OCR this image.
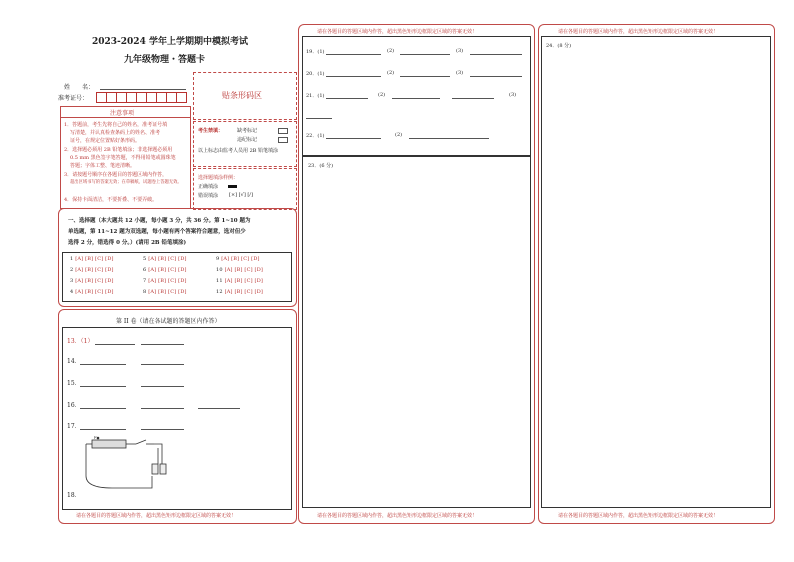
2023-2024 学年上学期期中模拟考试
九年级物理・答题卡
姓　　名：
准考证号：	贴条形码区
注意事项
1．答题前，考生先将自己的姓名，准考证号填
写清楚，并认真检查条码上的姓名、准考
证号，在规定位置贴好条形码。
2．选择题必须用 2B 铅笔填涂；非选择题必须用
0.5 mm 黑色签字笔答题，不得用铅笔或圆珠笔
答题；字体工整、笔迹清晰。
3．请按题号顺序在各题目的答题区域内作答，
超出区域书写的答案无效；在草稿纸、试题卷上答题无效。
4．保持卡面清洁，不要折叠、不要弄破。
考生禁填：	缺考标记
违纪标记
以上标志由监考人员用 2B 铅笔填涂
选择题填涂样例：
正确填涂
错误填涂 [×] [√] [/]
一、选择题（本大题共 12 小题，每小题 3 分，共 36 分。第 1~10 题为
单选题，第 11~12 题为双选题，每小题有两个答案符合题意，选对但少
选得 2 分，错选得 0 分。）(请用 2B 铅笔填涂)
1 [A] [B] [C] [D]
2 [A] [B] [C] [D]
3 [A] [B] [C] [D]
4 [A] [B] [C] [D]
5 [A] [B] [C] [D]
6 [A] [B] [C] [D]
7 [A] [B] [C] [D]
8 [A] [B] [C] [D]
9 [A] [B] [C] [D]
10 [A] [B] [C] [D]
11 [A] [B] [C] [D]
12 [A] [B] [C] [D]
第 II 卷（请在各试题的答题区内作答）
13．（1）
14．
15．
16．
17．
P
18．
请在各题目的答题区域内作答，超出黑色矩形边框限定区域的答案无效！
请在各题目的答题区域内作答，超出黑色矩形边框限定区域的答案无效！
19．(1)	(2)	(3)
20．(1)	(2)	(3)
21．(1)	(2)	(3)
22．(1)	(2)
23．(6 分)
请在各题目的答题区域内作答，超出黑色矩形边框限定区域的答案无效！
请在各题目的答题区域内作答，超出黑色矩形边框限定区域的答案无效！
24．(8 分)
请在各题目的答题区域内作答，超出黑色矩形边框限定区域的答案无效！
